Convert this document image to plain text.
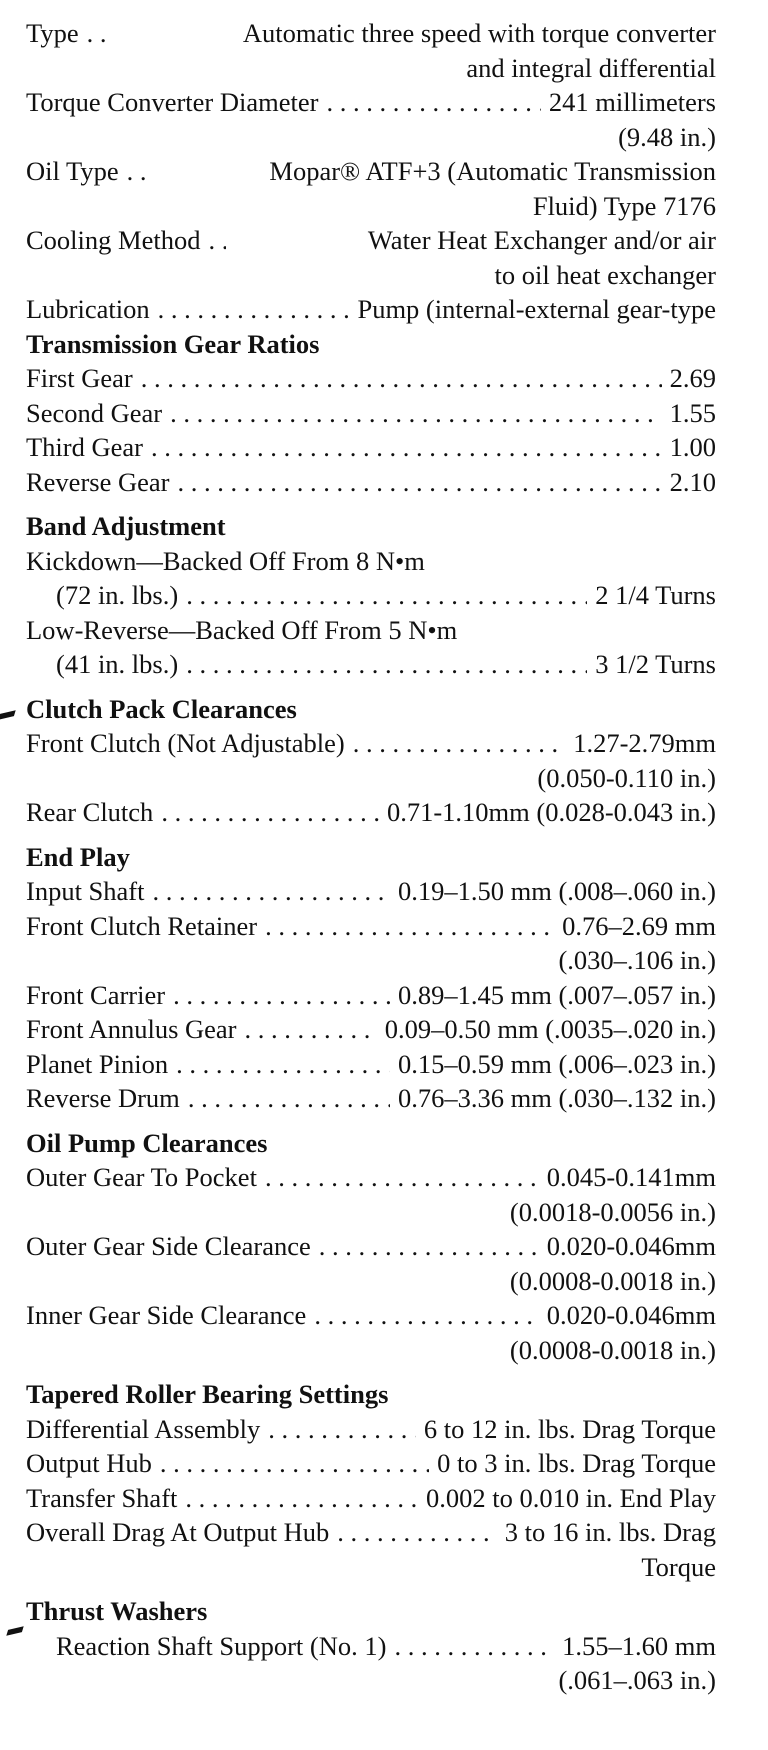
Type . . .	Automatic three speed with torque converter
and integral differential
Torque Converter Diameter . . .	241 millimeters
(9.48 in.)
Oil Type . . .	Mopar® ATF+3 (Automatic Transmission
Fluid) Type 7176
Cooling Method . . .	Water Heat Exchanger and/or air
to oil heat exchanger
Lubrication . . .	Pump (internal-external gear-type
Transmission Gear Ratios
First Gear . . .	2.69
Second Gear . . .	1.55
Third Gear . . .	1.00
Reverse Gear . . .	2.10
Band Adjustment
Kickdown—Backed Off From 8 N•m
(72 in. lbs.) . . .	2 1/4 Turns
Low-Reverse—Backed Off From 5 N•m
(41 in. lbs.) . . .	3 1/2 Turns
Clutch Pack Clearances
Front Clutch (Not Adjustable) . . .	1.27-2.79mm
(0.050-0.110 in.)
Rear Clutch . . .	0.71-1.10mm (0.028-0.043 in.)
End Play
Input Shaft . . .	0.19–1.50 mm (.008–.060 in.)
Front Clutch Retainer . . .	0.76–2.69 mm
(.030–.106 in.)
Front Carrier . . .	0.89–1.45 mm (.007–.057 in.)
Front Annulus Gear . . .	0.09–0.50 mm (.0035–.020 in.)
Planet Pinion . . .	0.15–0.59 mm (.006–.023 in.)
Reverse Drum . . .	0.76–3.36 mm (.030–.132 in.)
Oil Pump Clearances
Outer Gear To Pocket . . .	0.045-0.141mm
(0.0018-0.0056 in.)
Outer Gear Side Clearance . . .	0.020-0.046mm
(0.0008-0.0018 in.)
Inner Gear Side Clearance . . .	0.020-0.046mm
(0.0008-0.0018 in.)
Tapered Roller Bearing Settings
Differential Assembly . . .	6 to 12 in. lbs. Drag Torque
Output Hub . . .	0 to 3 in. lbs. Drag Torque
Transfer Shaft . . .	0.002 to 0.010 in. End Play
Overall Drag At Output Hub . . .	3 to 16 in. lbs. Drag
Torque
Thrust Washers
Reaction Shaft Support (No. 1) . . .	1.55–1.60 mm
(.061–.063 in.)
